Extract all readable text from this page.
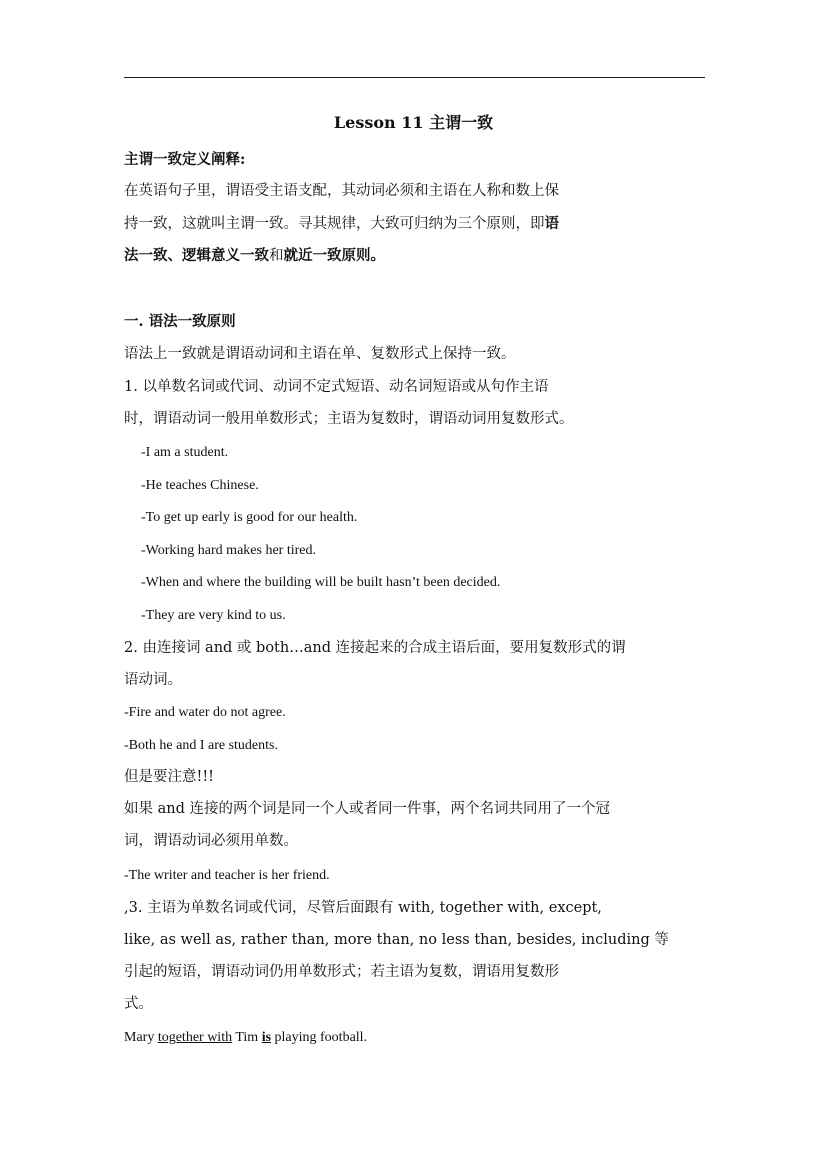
Lesson 11 主谓一致
主谓一致定义阐释:
在英语句子里，谓语受主语支配，其动词必须和主语在人称和数上保
持一致，这就叫主谓一致。寻其规律，大致可归纳为三个原则，即语
法一致、逻辑意义一致和就近一致原则。
一. 语法一致原则
语法上一致就是谓语动词和主语在单、复数形式上保持一致。
1. 以单数名词或代词、动词不定式短语、动名词短语或从句作主语
时，谓语动词一般用单数形式；主语为复数时，谓语动词用复数形式。
-I am a student.
-He teaches Chinese.
-To get up early is good for our health.
-Working hard makes her tired.
-When and where the building will be built hasn’t been decided.
-They are very kind to us.
2. 由连接词 and 或 both…and 连接起来的合成主语后面，要用复数形式的谓
语动词。
-Fire and water do not agree.
-Both he and I are students.
但是要注意!!!
如果 and 连接的两个词是同一个人或者同一件事，两个名词共同用了一个冠
词，谓语动词必须用单数。
-The writer and teacher is her friend.
,3. 主语为单数名词或代词，尽管后面跟有 with, together with, except,
like, as well as, rather than, more than, no less than, besides, including 等
引起的短语，谓语动词仍用单数形式；若主语为复数，谓语用复数形
式。
Mary together with Tim is playing football.
